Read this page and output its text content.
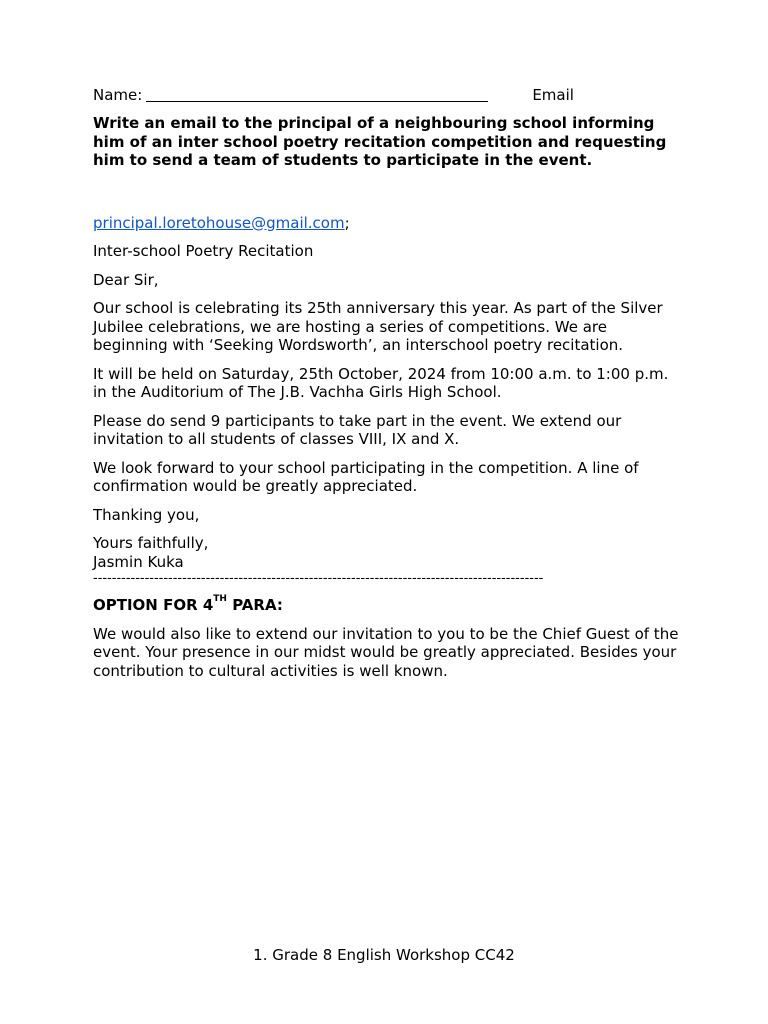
Name:	Email

Write an email to the principal of a neighbouring school informing him of an inter school poetry recitation competition and requesting him to send a team of students to participate in the event.

principal.loretohouse@gmail.com;

Inter-school Poetry Recitation

Dear Sir,

Our school is celebrating its 25th anniversary this year. As part of the Silver Jubilee celebrations, we are hosting a series of competitions. We are beginning with ‘Seeking Wordsworth’, an interschool poetry recitation.

It will be held on Saturday, 25th October, 2024 from 10:00 a.m. to 1:00 p.m. in the Auditorium of The J.B. Vachha Girls High School.

Please do send 9 participants to take part in the event. We extend our invitation to all students of classes VIII, IX and X.

We look forward to your school participating in the competition. A line of confirmation would be greatly appreciated.

Thanking you,

Yours faithfully,

Jasmin Kuka

------------------------------------------------------------------------------------------------

OPTION FOR 4TH PARA:

We would also like to extend our invitation to you to be the Chief Guest of the event. Your presence in our midst would be greatly appreciated. Besides your contribution to cultural activities is well known.

1. Grade 8 English Workshop CC42
